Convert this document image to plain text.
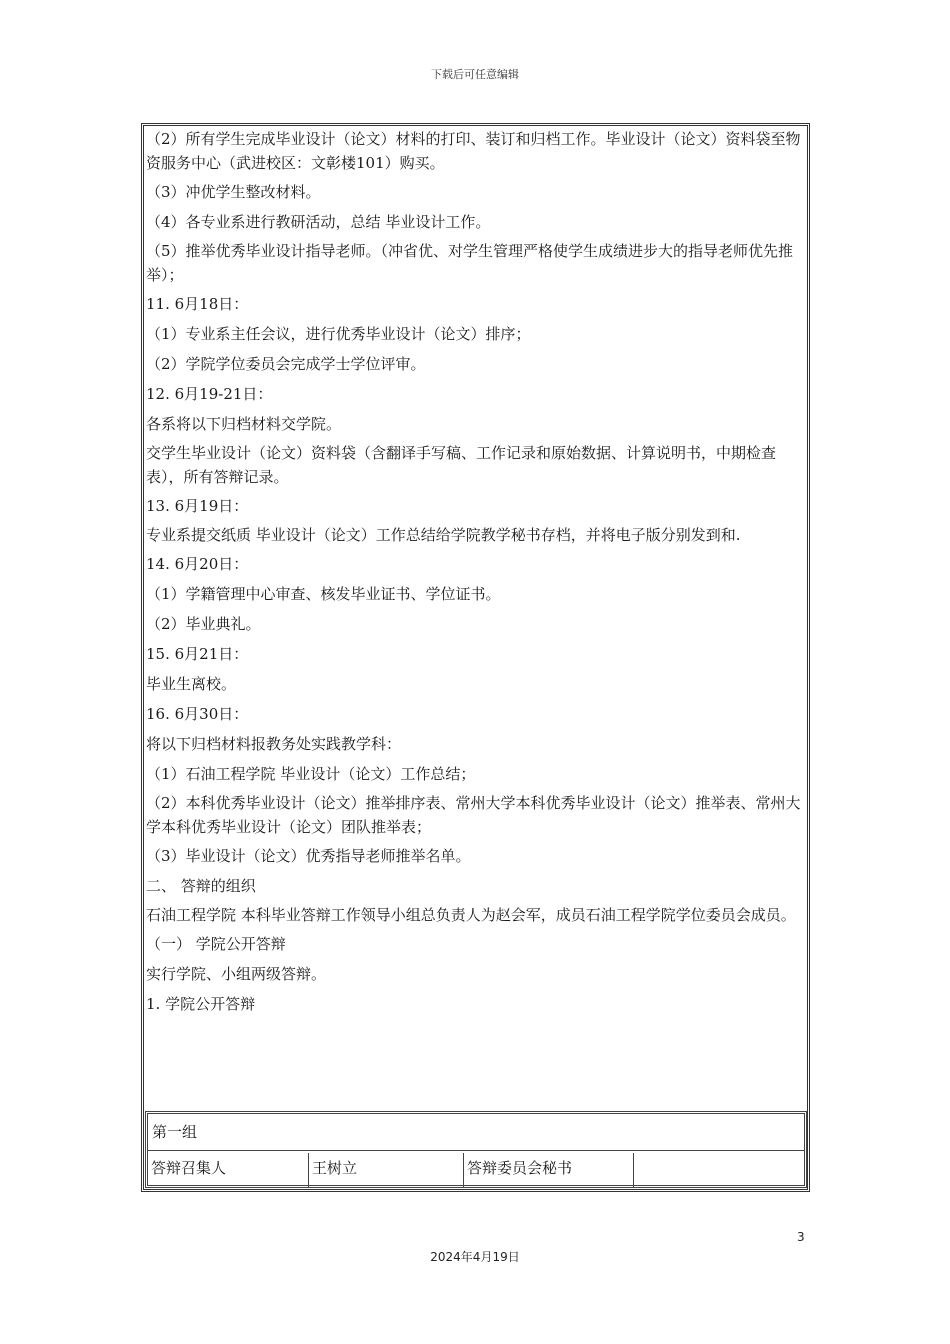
下载后可任意编辑
（2）所有学生完成毕业设计（论文）材料的打印、装订和归档工作。毕业设计（论文）资料袋至物资服务中心（武进校区：文彰楼101）购买。
（3）冲优学生整改材料。
（4）各专业系进行教研活动，总结 毕业设计工作。
（5）推举优秀毕业设计指导老师。（冲省优、对学生管理严格使学生成绩进步大的指导老师优先推举）；
11. 6月18日：
（1）专业系主任会议，进行优秀毕业设计（论文）排序；
（2）学院学位委员会完成学士学位评审。
12. 6月19-21日：
各系将以下归档材料交学院。
交学生毕业设计（论文）资料袋（含翻译手写稿、工作记录和原始数据、计算说明书，中期检查表），所有答辩记录。
13. 6月19日：
专业系提交纸质 毕业设计（论文）工作总结给学院教学秘书存档，并将电子版分别发到和.
14. 6月20日：
（1）学籍管理中心审查、核发毕业证书、学位证书。
（2）毕业典礼。
15. 6月21日：
毕业生离校。
16. 6月30日：
将以下归档材料报教务处实践教学科：
（1）石油工程学院 毕业设计（论文）工作总结；
（2）本科优秀毕业设计（论文）推举排序表、常州大学本科优秀毕业设计（论文）推举表、常州大学本科优秀毕业设计（论文）团队推举表；
（3）毕业设计（论文）优秀指导老师推举名单。
二、 答辩的组织
石油工程学院 本科毕业答辩工作领导小组总负责人为赵会军，成员石油工程学院学位委员会成员。
（一） 学院公开答辩
实行学院、小组两级答辩。
1. 学院公开答辩
第一组
答辩召集人	王树立	答辩委员会秘书
3
2024年4月19日
